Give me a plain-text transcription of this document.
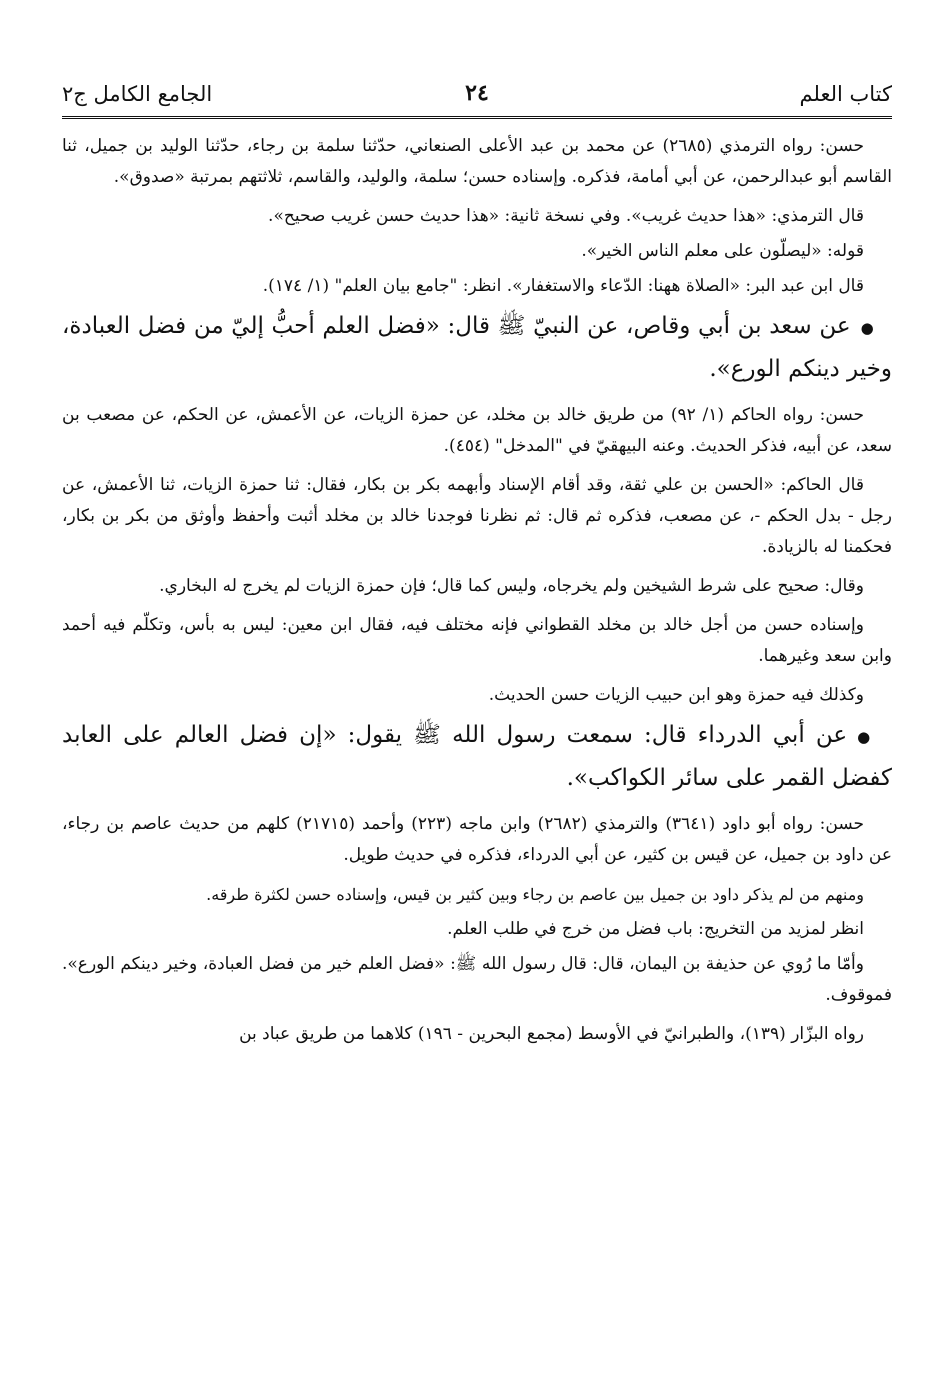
كتاب العلم
٢٤
الجامع الكامل ج٢

حسن: رواه الترمذي (٢٦٨٥) عن محمد بن عبد الأعلى الصنعاني، حدّثنا سلمة بن رجاء، حدّثنا الوليد بن جميل، ثنا القاسم أبو عبدالرحمن، عن أبي أمامة، فذكره. وإسناده حسن؛ سلمة، والوليد، والقاسم، ثلاثتهم بمرتبة «صدوق».

قال الترمذي: «هذا حديث غريب». وفي نسخة ثانية: «هذا حديث حسن غريب صحيح».

قوله: «ليصلّون على معلم الناس الخير».

قال ابن عبد البر: «الصلاة ههنا: الدّعاء والاستغفار». انظر: "جامع بيان العلم" (١/ ١٧٤).

●عن سعد بن أبي وقاص، عن النبيّ ﷺ قال: «فضل العلم أحبُّ إليّ من فضل العبادة، وخير دينكم الورع».

حسن: رواه الحاكم (١/ ٩٢) من طريق خالد بن مخلد، عن حمزة الزيات، عن الأعمش، عن الحكم، عن مصعب بن سعد، عن أبيه، فذكر الحديث. وعنه البيهقيّ في "المدخل" (٤٥٤).

قال الحاكم: «الحسن بن علي ثقة، وقد أقام الإسناد وأبهمه بكر بن بكار، فقال: ثنا حمزة الزيات، ثنا الأعمش، عن رجل - بدل الحكم -، عن مصعب، فذكره ثم قال: ثم نظرنا فوجدنا خالد بن مخلد أثبت وأحفظ وأوثق من بكر بن بكار، فحكمنا له بالزيادة.

وقال: صحيح على شرط الشيخين ولم يخرجاه، وليس كما قال؛ فإن حمزة الزيات لم يخرج له البخاري.

وإسناده حسن من أجل خالد بن مخلد القطواني فإنه مختلف فيه، فقال ابن معين: ليس به بأس، وتكلّم فيه أحمد وابن سعد وغيرهما.

وكذلك فيه حمزة وهو ابن حبيب الزيات حسن الحديث.

●عن أبي الدرداء قال: سمعت رسول الله ﷺ يقول: «إن فضل العالم على العابد كفضل القمر على سائر الكواكب».

حسن: رواه أبو داود (٣٦٤١) والترمذي (٢٦٨٢) وابن ماجه (٢٢٣) وأحمد (٢١٧١٥) كلهم من حديث عاصم بن رجاء، عن داود بن جميل، عن قيس بن كثير، عن أبي الدرداء، فذكره في حديث طويل.

ومنهم من لم يذكر داود بن جميل بين عاصم بن رجاء وبين كثير بن قيس، وإسناده حسن لكثرة طرقه.

انظر لمزيد من التخريج: باب فضل من خرج في طلب العلم.

وأمّا ما رُوي عن حذيفة بن اليمان، قال: قال رسول الله ﷺ: «فضل العلم خير من فضل العبادة، وخير دينكم الورع». فموقوف.

رواه البزّار (١٣٩)، والطبرانيّ في الأوسط (مجمع البحرين - ١٩٦) كلاهما من طريق عباد بن
